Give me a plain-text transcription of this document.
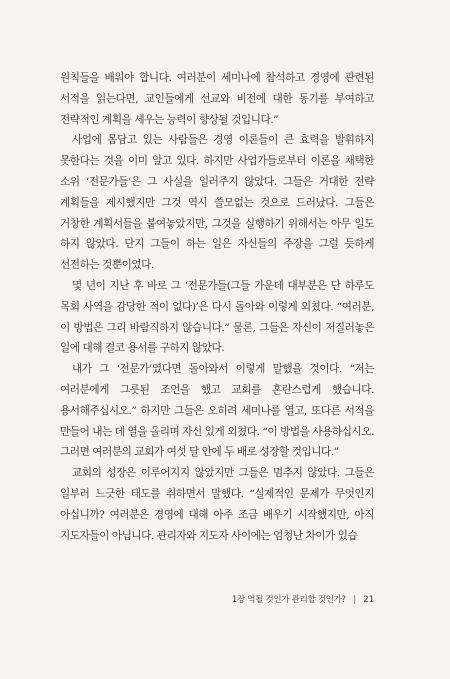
원칙들을 배워야 합니다. 여러분이 세미나에 참석하고 경영에 관련된 서적을 읽는다면, 교인들에게 선교와 비전에 대한 동기를 부여하고 전략적인 계획을 세우는 능력이 향상될 것입니다.”

사업에 몸담고 있는 사람들은 경영 이론들이 큰 효력을 발휘하지 못한다는 것을 이미 알고 있다. 하지만 사업가들로부터 이론을 채택한 소위 ‘전문가들’은 그 사실을 일러주지 않았다. 그들은 거대한 전략 계획들을 제시했지만 그것 역시 쓸모없는 것으로 드러났다. 그들은 거창한 계획서들을 붙여놓았지만, 그것을 실행하기 위해서는 아무 일도 하지 않았다. 단지 그들이 하는 일은 자신들의 주장을 그럴 듯하게 선전하는 것뿐이었다.

몇 년이 지난 후 바로 그 ‘전문가들(그들 가운데 대부분은 단 하루도 목회 사역을 감당한 적이 없다)’은 다시 돌아와 이렇게 외쳤다. “여러분, 이 방법은 그리 바람직하지 않습니다.” 물론, 그들은 자신이 저질러놓은 일에 대해 결코 용서를 구하지 않았다.

내가 그 ‘전문가’였다면 돌아와서 이렇게 말했을 것이다. “저는 여러분에게 그릇된 조언을 했고 교회를 혼란스럽게 했습니다. 용서해주십시오.” 하지만 그들은 오히려 세미나를 열고, 또다른 서적을 만들어 내는 데 열을 올리며 자신 있게 외쳤다. “이 방법을 사용하십시오. 그러면 여러분의 교회가 여섯 달 안에 두 배로 성장할 것입니다.”

교회의 성장은 이루어지지 않았지만 그들은 멈추지 않았다. 그들은 일부러 느긋한 태도를 취하면서 말했다. “실제적인 문제가 무엇인지 아십니까? 여러분은 경영에 대해 아주 조금 배우기 시작했지만, 아직 지도자들이 아닙니다. 관리자와 지도자 사이에는 엄청난 차이가 있습

1장 억될 것인가 관리할 것인가? | 21
